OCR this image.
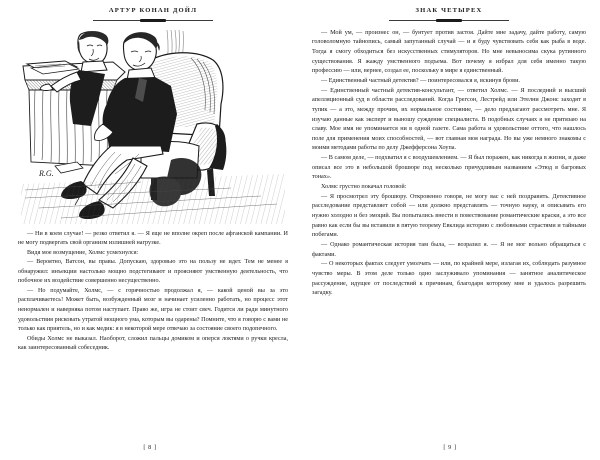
АРТУР КОНАН ДОЙЛ
R.G.

— Ни в коем случае! — резко ответил я. — Я еще не вполне окреп после афганской кампании. И не могу подвергать свой организм излишней нагрузке.

Видя мое возмущение, Холмс усмехнулся:

— Вероятно, Ватсон, вы правы. Допускаю, здоровью это на пользу не идет. Тем не менее я обнаружил: инъекции настолько мощно подстегивают и проясняют умственную деятельность, что побочное их воздействие совершенно несущественно.

— Но подумайте, Холмс, — с горячностью продолжал я, — какой ценой вы за это расплачиваетесь! Может быть, возбужденный мозг и начинает усиленно работать, но процесс этот ненормален и наверняка потом наступает. Право же, игра не стоит свеч. Годится ли ради минутного удовольствия рисковать утратой мощного ума, которым вы одарены? Помните, что я говорю с вами не только как приятель, но и как медик: я в некоторой мере отвечаю за состояние своего подопечного.

Обиды Холмс не выказал. Наоборот, сложил пальцы домиком и оперся локтями о ручки кресла, как заинтересованный собеседник.

[ 8 ]
ЗНАК ЧЕТЫРЕХ

— Мой ум, — произнес он, — бунтует против застоя. Дайте мне задачу, дайте работу, самую головоломную тайнопись, самый запутанный случай — и я буду чувствовать себя как рыба в воде. Тогда я смогу обходиться без искусственных стимуляторов. Но мне невыносима скука рутинного существования. Я жажду умственного подъема. Вот почему я избрал для себя именно такую профессию — или, вернее, создал ее, поскольку в мире я единственный.

— Единственный частный детектив? — поинтересовался я, вскинув брови.

— Единственный частный детектив-консультант, — ответил Холмс. — Я последний и высший апелляционный суд в области расследований. Когда Грегсон, Лестрейд или Этелни Джонс заходят в тупик — а это, между прочим, их нормальное состояние, — дело предлагают рассмотреть мне. Я изучаю данные как эксперт и выношу суждение специалиста. В подобных случаях я не притязаю на славу. Мое имя не упоминается ни в одной газете. Сама работа и удовольствие оттого, что нашлось поле для применения моих способностей, — вот главная моя награда. Но вы уже немного знакомы с моими методами работы по делу Джефферсона Хоупа.

— В самом деле, — подхватил я с воодушевлением. — Я был поражен, как никогда в жизни, и даже описал все это в небольшой брошюре под несколько причудливым названием «Этюд в багровых тонах».

Холмс грустно покачал головой:

— Я просмотрел эту брошюру. Откровенно говоря, не могу вас с ней поздравить. Детективное расследование представляет собой — или должно представлять — точную науку, и описывать его нужно холодно и без эмоций. Вы попытались внести в повествование романтические краски, а это все равно как если бы вы вставили в пятую теорему Евклида историю с любовными страстями и тайными побегами.

— Однако романтическая история там была, — возразил я. — Я не мог вольно обращаться с фактами.

— О некоторых фактах следует умолчать — или, по крайней мере, излагая их, соблюдать разумное чувство меры. В этом деле только одно заслуживало упоминания — занятное аналитическое рассуждение, идущее от последствий к причинам, благодаря которому мне и удалось разрешить загадку.

[ 9 ]
